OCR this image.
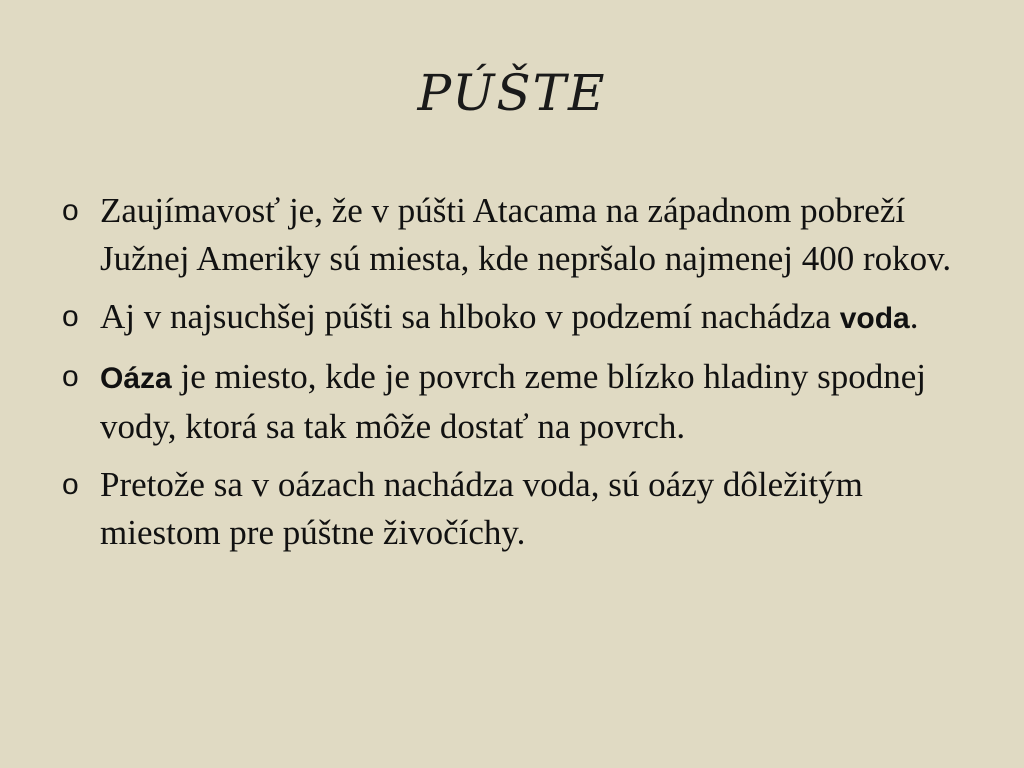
PÚŠTE
o Zaujímavosť je, že v púšti Atacama na západnom pobreží Južnej Ameriky sú miesta, kde nepršalo najmenej 400 rokov.
o Aj v najsuchšej púšti sa hlboko v podzemí nachádza voda.
o Oáza je miesto, kde je povrch zeme blízko hladiny spodnej vody, ktorá sa tak môže dostať na povrch.
o Pretože sa v oázach nachádza voda, sú oázy dôležitým miestom pre púštne živočíchy.
